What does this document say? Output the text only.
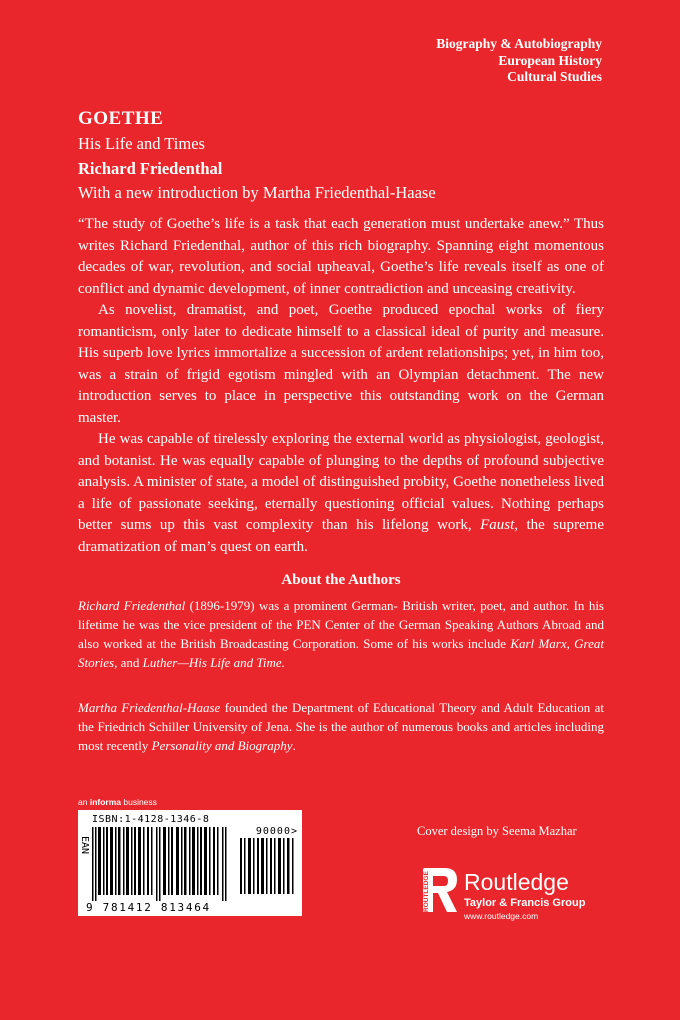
Biography & Autobiography
European History
Cultural Studies
GOETHE
His Life and Times
Richard Friedenthal
With a new introduction by Martha Friedenthal-Haase

“The study of Goethe’s life is a task that each generation must undertake anew.” Thus writes Richard Friedenthal, author of this rich biography. Spanning eight momentous decades of war, revolution, and social upheaval, Goethe’s life reveals itself as one of conflict and dynamic development, of inner contradiction and unceasing creativity.

As novelist, dramatist, and poet, Goethe produced epochal works of fiery romanticism, only later to dedicate himself to a classical ideal of purity and measure. His superb love lyrics immortalize a succession of ardent relationships; yet, in him too, was a strain of frigid egotism mingled with an Olympian detachment. The new introduction serves to place in perspective this outstanding work on the German master.

He was capable of tirelessly exploring the external world as physiologist, geologist, and botanist. He was equally capable of plunging to the depths of profound subjective analysis. A minister of state, a model of distinguished probity, Goethe nonetheless lived a life of passionate seeking, eternally questioning official values. Nothing perhaps better sums up this vast complexity than his lifelong work, Faust, the supreme dramatization of man’s quest on earth.

About the Authors

Richard Friedenthal (1896-1979) was a prominent German- British writer, poet, and author. In his lifetime he was the vice president of the PEN Center of the German Speaking Authors Abroad and also worked at the British Broadcasting Corporation. Some of his works include Karl Marx, Great Stories, and Luther—His Life and Time.

Martha Friedenthal-Haase founded the Department of Educational Theory and Adult Education at the Friedrich Schiller University of Jena. She is the author of numerous books and articles including most recently Personality and Biography.

an informa business
ISBN:1-4128-1346-8
90000>
EAN
9 781412 813464
Cover design by Seema Mazhar
ROUTLEDGE Routledge
Taylor & Francis Group
www.routledge.com
